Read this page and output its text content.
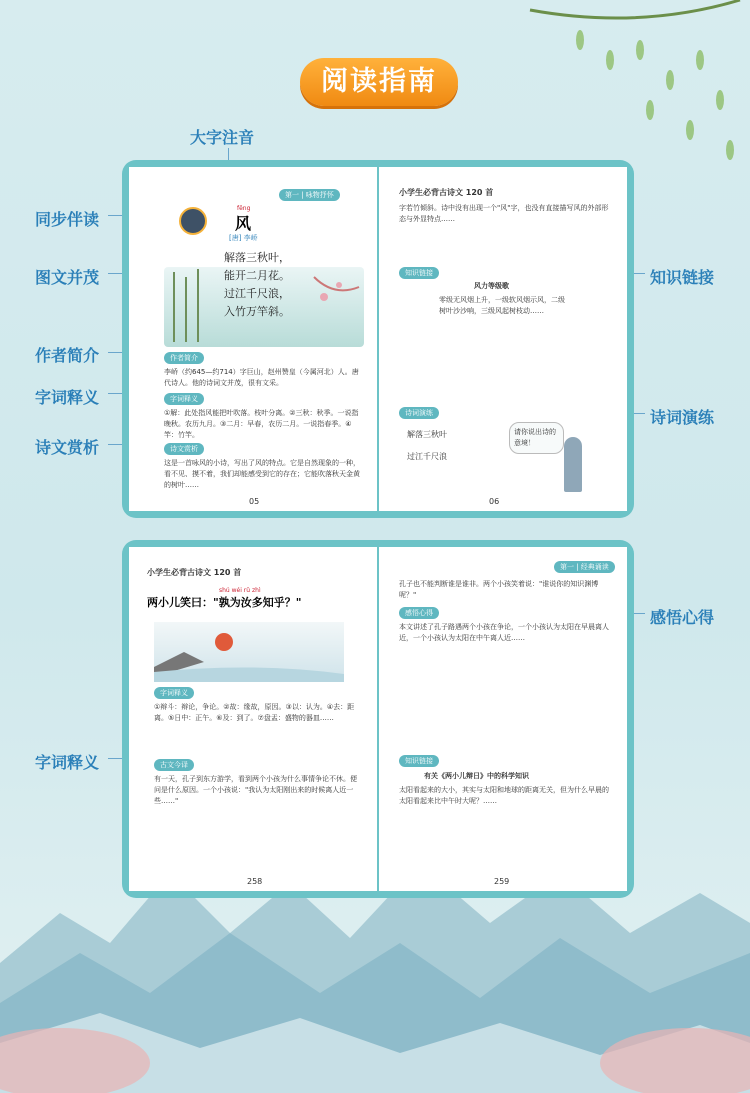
阅读指南
大字注音
同步伴读
图文并茂
作者简介
字词释义
诗文赏析
知识链接
诗词演练
感悟心得
字词释义
第一 | 咏物抒怀
fēng
风
[唐] 李峤
解落三秋叶，
能开二月花。
过江千尺浪，
入竹万竿斜。
作者简介
李峤（约645—约714）字巨山，赵州赞皇（今属河北）人。唐代诗人。他的诗词文并茂，很有文采。
字词释义
①解：此处指风能把叶吹落。枝叶分离。②三秋：秋季。一说指晚秋。农历九月。③二月：早春，农历二月。一说指春季。④竿：竹竿。
诗文赏析
这是一首咏风的小诗，写出了风的特点。它是自然现象的一种，看不见、摸不着，我们却能感受到它的存在；它能吹落秋天金黄的树叶……
05
小学生必背古诗文 120 首
字若竹倾斜。诗中没有出现一个"风"字，也没有直接描写风的外部形态与外显特点……
知识链接
风力等级歌
零级无风烟上升，一级软风烟示风，二级树叶沙沙响，三级风起树枝动……
诗词演练
解落三秋叶
过江千尺浪
请你说出诗的意境！
06
小学生必背古诗文 120 首
shú wéi rǔ zhì
两小儿笑曰："孰为汝多知乎？"
字词释义
①辩斗：辩论，争论。②故：缘故，原因。③以：认为。④去：距离。⑤日中：正午。⑥及：到了。⑦盘盂：盛物的器皿……
古文今译
有一天，孔子到东方游学，看到两个小孩为什么事情争论不休。便问是什么原因。一个小孩说："我认为太阳刚出来的时候离人近一些……"
258
第一 | 经典诵读
孔子也不能判断谁是谁非。两个小孩笑着说："谁说你的知识渊博呢？"
感悟心得
本文讲述了孔子路遇两个小孩在争论，一个小孩认为太阳在早晨离人近，一个小孩认为太阳在中午离人近……
知识链接
有关《两小儿辩日》中的科学知识
太阳看起来的大小，其实与太阳和地球的距离无关，但为什么早晨的太阳看起来比中午时大呢？……
259
